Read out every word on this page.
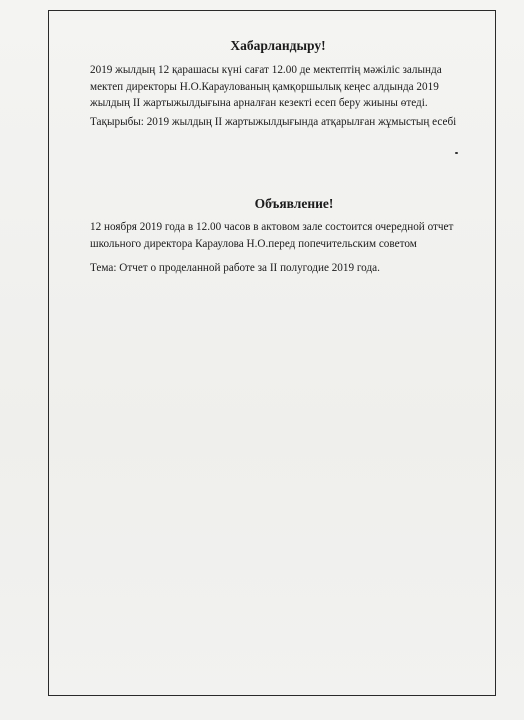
Хабарландыру!

2019 жылдың 12 қарашасы күні сағат 12.00 де мектептің мәжіліс залында
мектеп директоры Н.О.Караулованың қамқоршылық кеңес алдында 2019
жылдың ІІ жартыжылдығына арналған кезекті есеп беру жиыны өтеді.

Тақырыбы: 2019 жылдың ІІ жартыжылдығында атқарылған жұмыстың есебі

Объявление!

12 ноября 2019 года в 12.00 часов в актовом зале состоится очередной отчет
школьного директора Караулова Н.О.перед попечительским советом

Тема: Отчет о проделанной работе за ІІ полугодие 2019 года.
